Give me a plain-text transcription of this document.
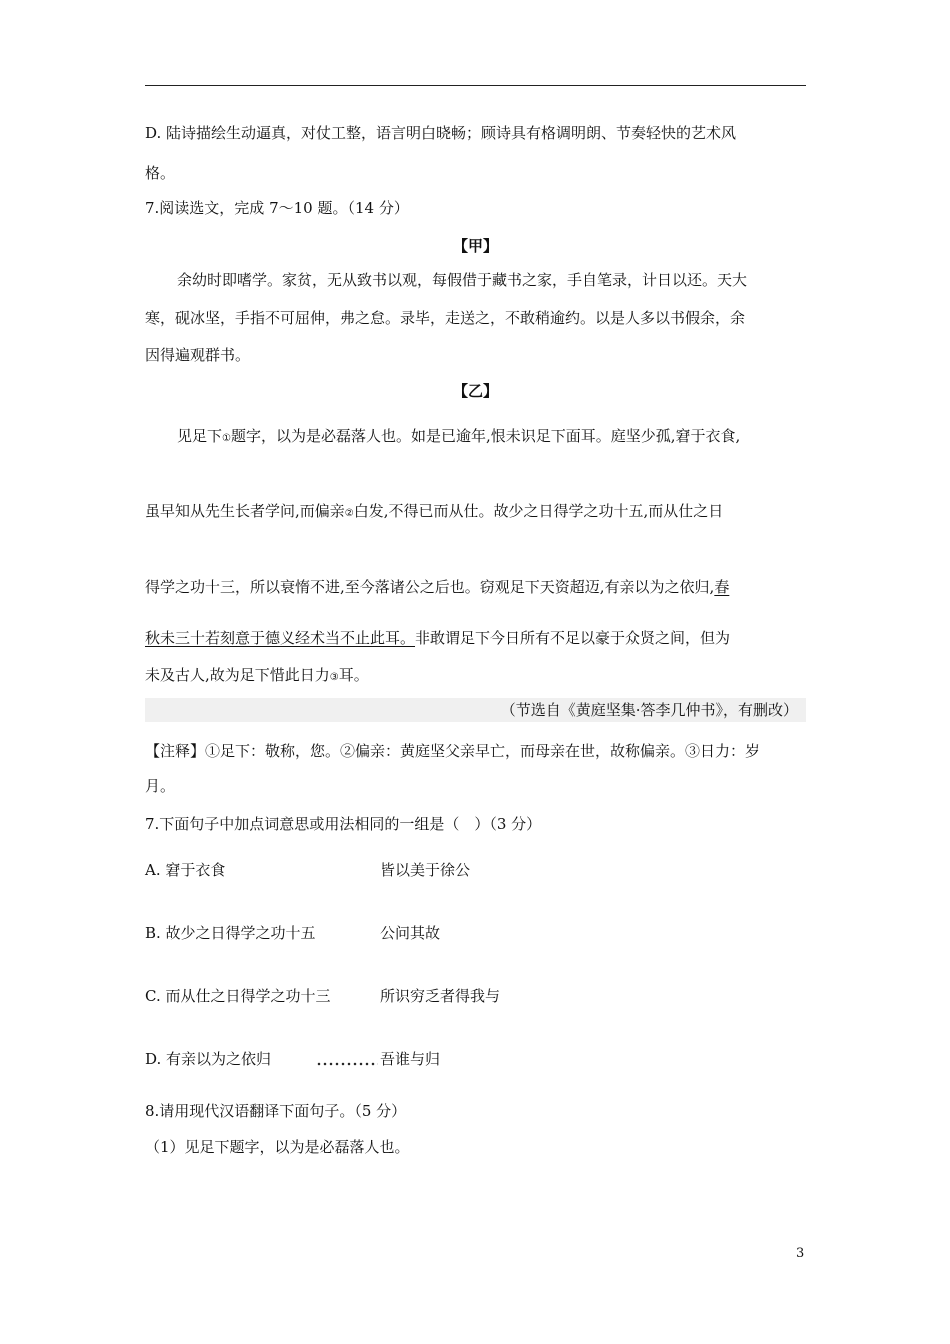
D. 陆诗描绘生动逼真，对仗工整，语言明白晓畅；顾诗具有格调明朗、节奏轻快的艺术风
格。
7.阅读选文，完成 7～10 题。（14 分）
【甲】
余幼时即嗜学。家贫，无从致书以观，每假借于藏书之家，手自笔录，计日以还。天大
寒，砚冰坚，手指不可屈伸，弗之怠。录毕，走送之，不敢稍逾约。以是人多以书假余，余
因得遍观群书。
【乙】
见足下①题字，以为是必磊落人也。如是已逾年,恨未识足下面耳。庭坚少孤,窘于衣食,
虽早知从先生长者学问,而偏亲②白发,不得已而从仕。故少之日得学之功十五,而从仕之日
得学之功十三，所以衰惰不进,至今落诸公之后也。窃观足下天资超迈,有亲以为之依归,春
秋未三十若刻意于德义经术当不止此耳。非敢谓足下今日所有不足以豪于众贤之间，但为
未及古人,故为足下惜此日力③耳。
（节选自《黄庭坚集·答李几仲书》，有删改）
【注释】①足下：敬称，您。②偏亲：黄庭坚父亲早亡，而母亲在世，故称偏亲。③日力：岁
月。
7.下面句子中加点词意思或用法相同的一组是（　）（3 分）
A. 窘于衣食	皆以美于徐公
B. 故少之日得学之功十五	公问其故
C. 而从仕之日得学之功十三	所识穷乏者得我与
D. 有亲以为之依归	吾谁与归
8.请用现代汉语翻译下面句子。（5 分）
（1）见足下题字，以为是必磊落人也。
3
